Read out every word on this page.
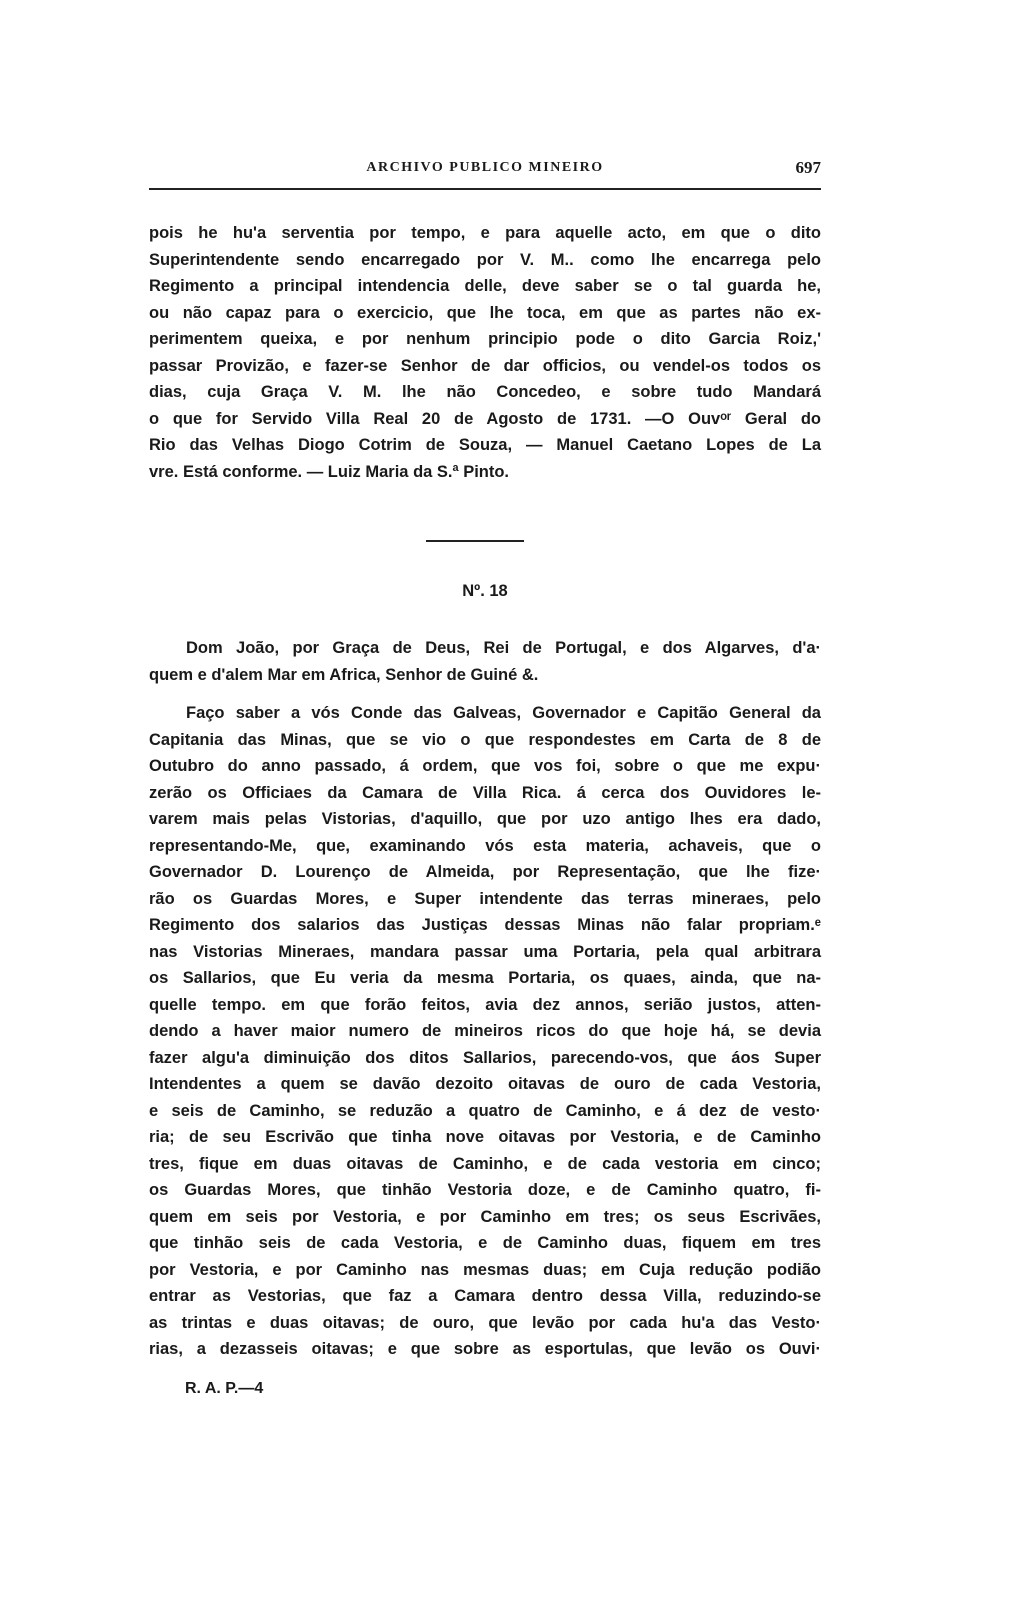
ARCHIVO PUBLICO MINEIRO	697
pois he hu'a serventia por tempo, e para aquelle acto, em que o dito
Superintendente sendo encarregado por V. M.. como lhe encarrega pelo
Regimento a principal intendencia delle, deve saber se o tal guarda he,
ou não capaz para o exercicio, que lhe toca, em que as partes não ex-
perimentem queixa, e por nenhum principio pode o dito Garcia Roiz,'
passar Provizão, e fazer-se Senhor de dar officios, ou vendel-os todos os
dias, cuja Graça V. M. lhe não Concedeo, e sobre tudo Mandará
o que for Servido Villa Real 20 de Agosto de 1731. —O Ouvᵒʳ Geral do
Rio das Velhas Diogo Cotrim de Souza, — Manuel Caetano Lopes de La
vre. Está conforme. — Luiz Maria da S.ª Pinto.
Nº. 18
Dom João, por Graça de Deus, Rei de Portugal, e dos Algarves, d'a·
quem e d'alem Mar em Africa, Senhor de Guiné &.
Faço saber a vós Conde das Galveas, Governador e Capitão General da
Capitania das Minas, que se vio o que respondestes em Carta de 8 de
Outubro do anno passado, á ordem, que vos foi, sobre o que me expu·
zerão os Officiaes da Camara de Villa Rica. á cerca dos Ouvidores le-
varem mais pelas Vistorias, d'aquillo, que por uzo antigo lhes era dado,
representando-Me, que, examinando vós esta materia, achaveis, que o
Governador D. Lourenço de Almeida, por Representação, que lhe fize·
rão os Guardas Mores, e Super intendente das terras mineraes, pelo
Regimento dos salarios das Justiças dessas Minas não falar propriam.ᵉ
nas Vistorias Mineraes, mandara passar uma Portaria, pela qual arbitrara
os Sallarios, que Eu veria da mesma Portaria, os quaes, ainda, que na-
quelle tempo. em que forão feitos, avia dez annos, serião justos, atten-
dendo a haver maior numero de mineiros ricos do que hoje há, se devia
fazer algu'a diminuição dos ditos Sallarios, parecendo-vos, que áos Super
Intendentes a quem se davão dezoito oitavas de ouro de cada Vestoria,
e seis de Caminho, se reduzão a quatro de Caminho, e á dez de vesto·
ria; de seu Escrivão que tinha nove oitavas por Vestoria, e de Caminho
tres, fique em duas oitavas de Caminho, e de cada vestoria em cinco;
os Guardas Mores, que tinhão Vestoria doze, e de Caminho quatro, fi-
quem em seis por Vestoria, e por Caminho em tres; os seus Escrivães,
que tinhão seis de cada Vestoria, e de Caminho duas, fiquem em tres
por Vestoria, e por Caminho nas mesmas duas; em Cuja redução podião
entrar as Vestorias, que faz a Camara dentro dessa Villa, reduzindo-se
as trintas e duas oitavas; de ouro, que levão por cada hu'a das Vesto·
rias, a dezasseis oitavas; e que sobre as esportulas, que levão os Ouvi·
R. A. P.—4
